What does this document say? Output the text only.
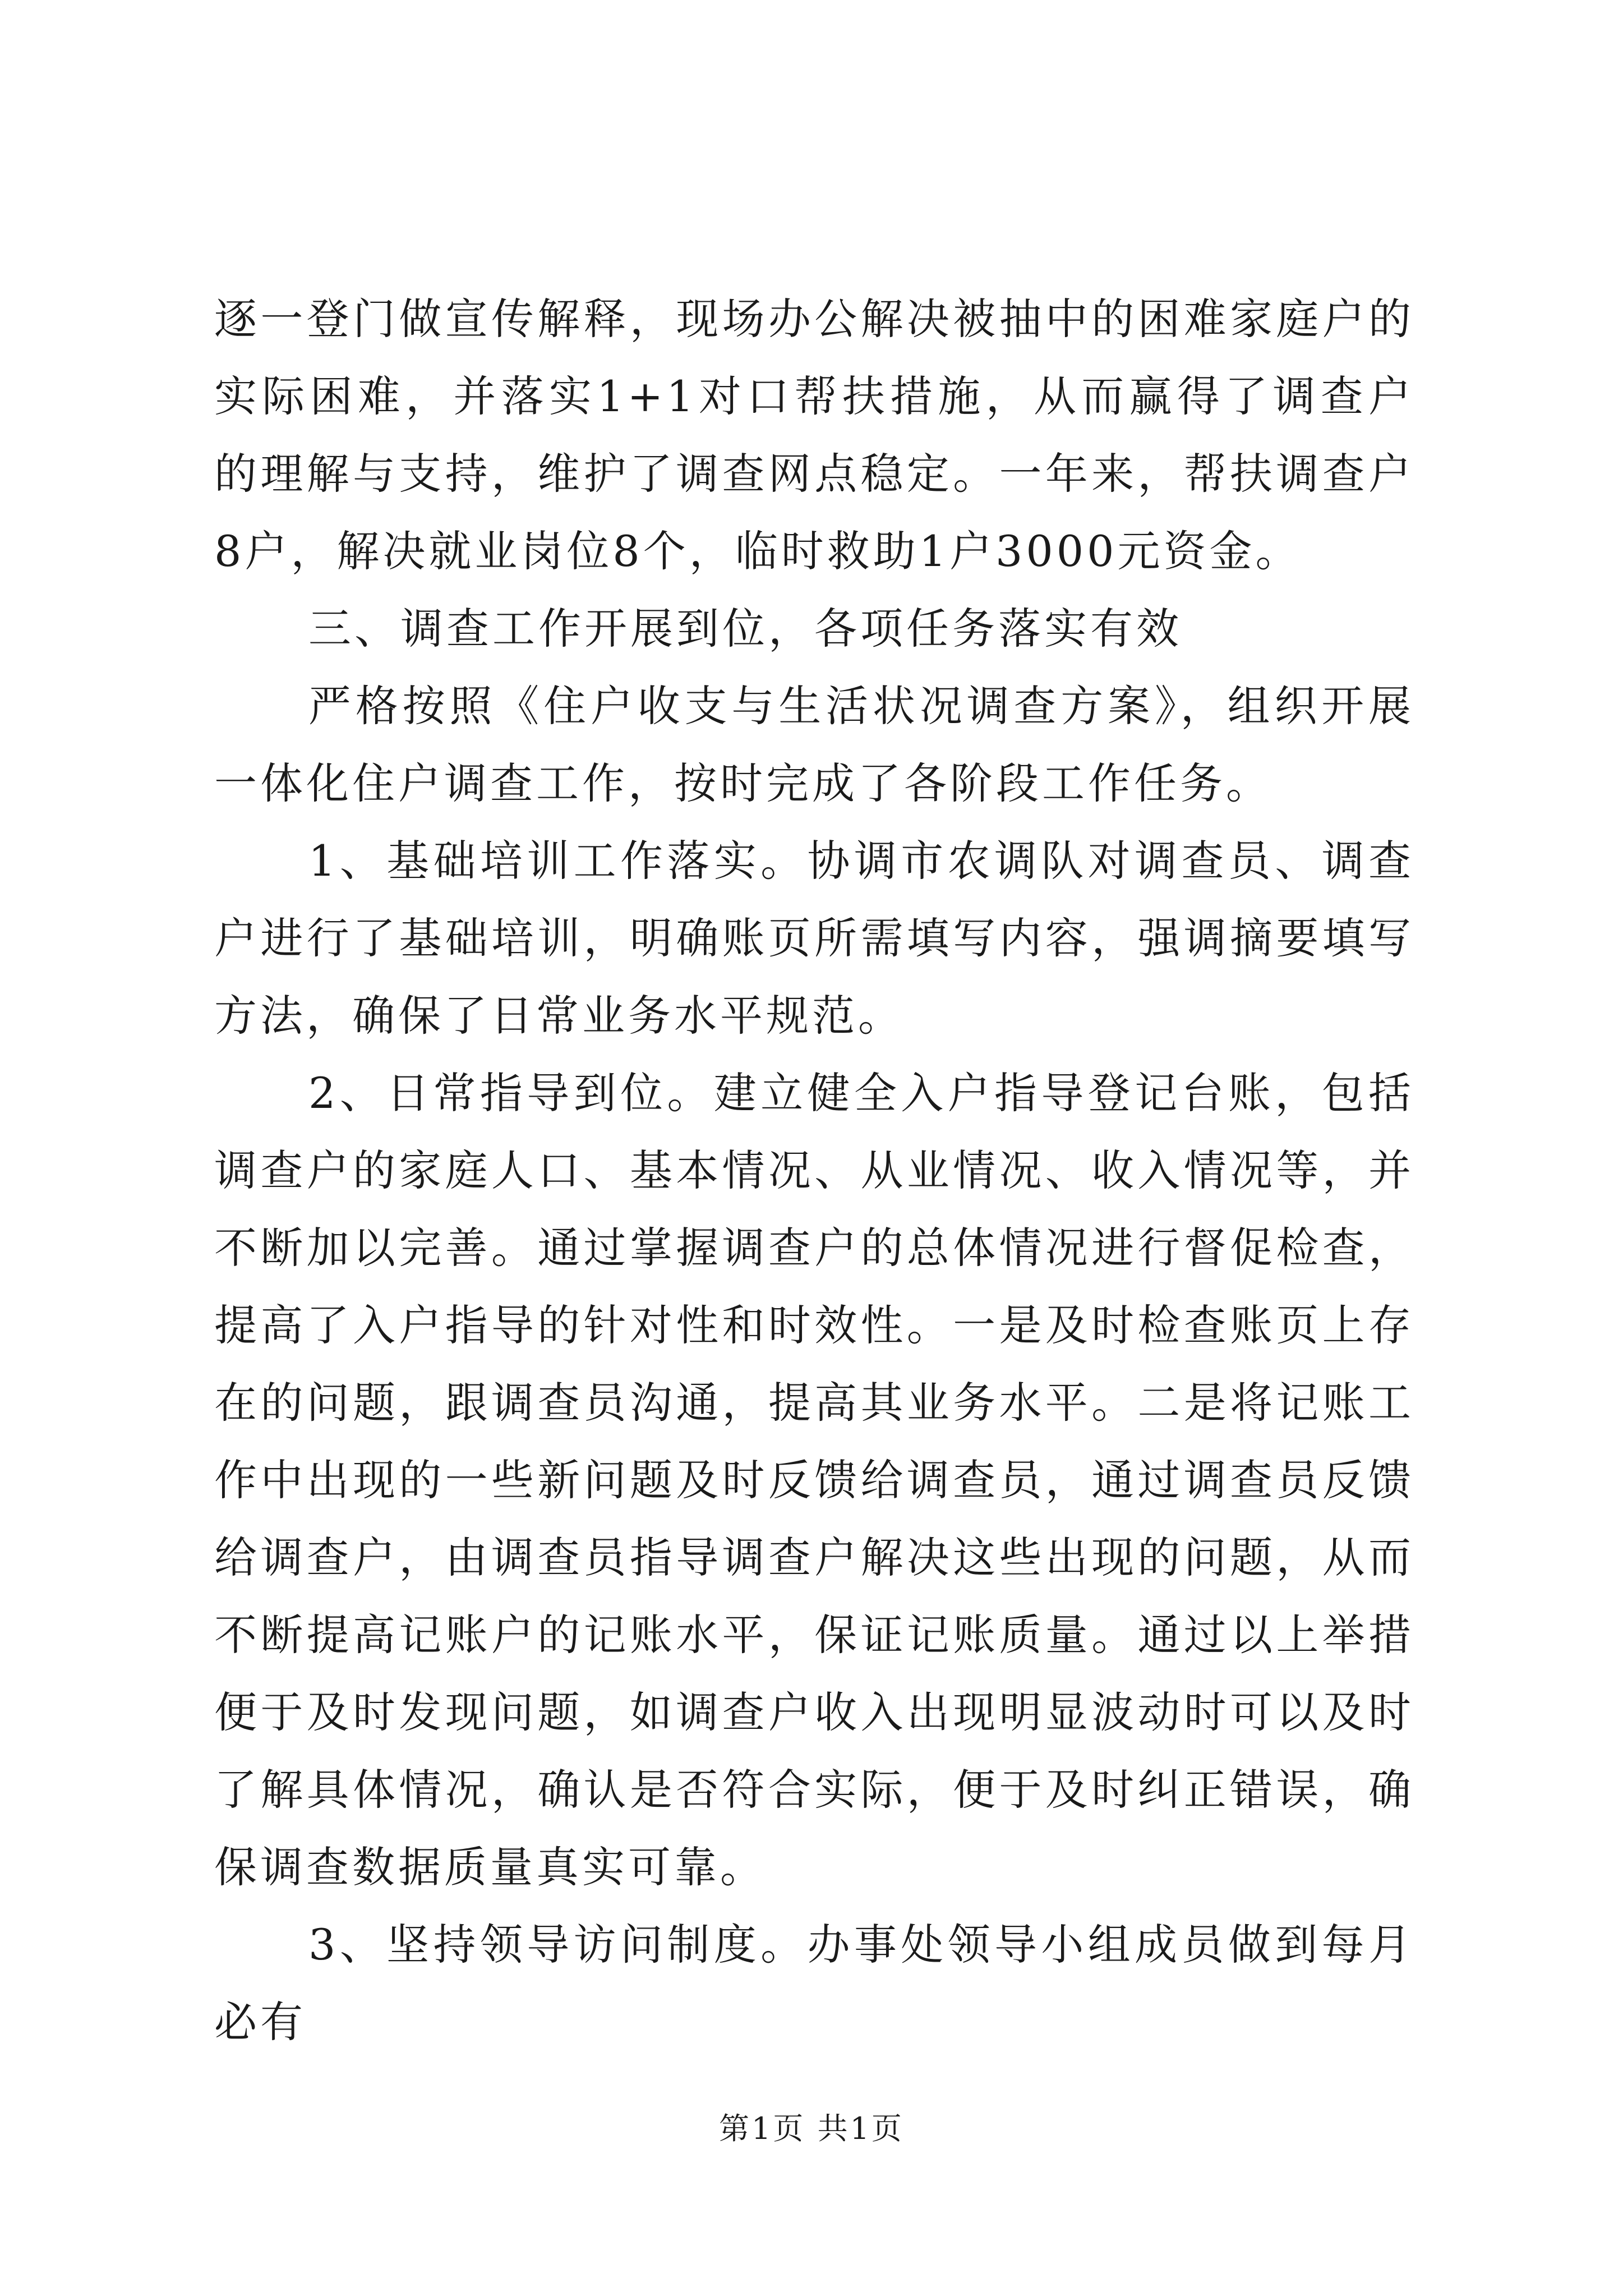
逐一登门做宣传解释，现场办公解决被抽中的困难家庭户的实际困难，并落实1+1对口帮扶措施，从而赢得了调查户的理解与支持，维护了调查网点稳定。一年来，帮扶调查户8户，解决就业岗位8个，临时救助1户3000元资金。

三、调查工作开展到位，各项任务落实有效

严格按照《住户收支与生活状况调查方案》，组织开展一体化住户调查工作，按时完成了各阶段工作任务。

1、基础培训工作落实。协调市农调队对调查员、调查户进行了基础培训，明确账页所需填写内容，强调摘要填写方法，确保了日常业务水平规范。

2、日常指导到位。建立健全入户指导登记台账，包括调查户的家庭人口、基本情况、从业情况、收入情况等，并不断加以完善。通过掌握调查户的总体情况进行督促检查，提高了入户指导的针对性和时效性。一是及时检查账页上存在的问题，跟调查员沟通，提高其业务水平。二是将记账工作中出现的一些新问题及时反馈给调查员，通过调查员反馈给调查户，由调查员指导调查户解决这些出现的问题，从而不断提高记账户的记账水平，保证记账质量。通过以上举措便于及时发现问题，如调查户收入出现明显波动时可以及时了解具体情况，确认是否符合实际，便于及时纠正错误，确保调查数据质量真实可靠。

3、坚持领导访问制度。办事处领导小组成员做到每月必有

第1页 共1页
